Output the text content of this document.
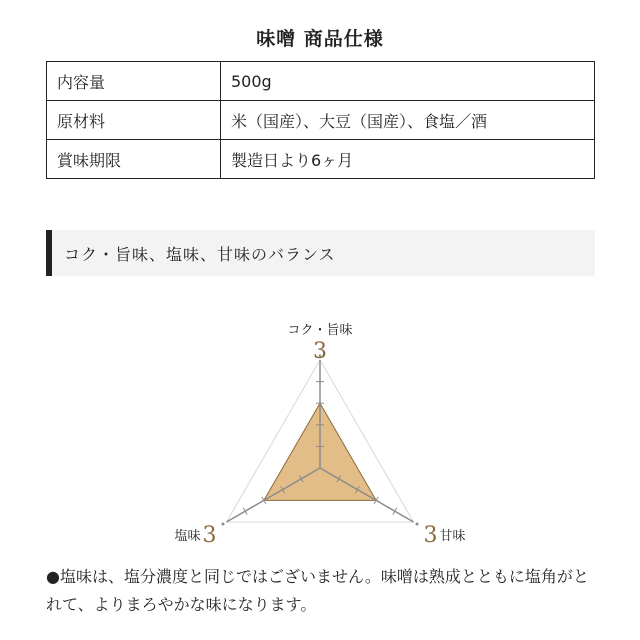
味噌 商品仕様
内容量	500g
原材料	米（国産）、大豆（国産）、食塩／酒
賞味期限	製造日より6ヶ月
コク・旨味、塩味、甘味のバランス
コク・旨味
3
3 甘味
3
塩味
●塩味は、塩分濃度と同じではございません。味噌は熟成とともに塩角がとれて、よりまろやかな味になります。
